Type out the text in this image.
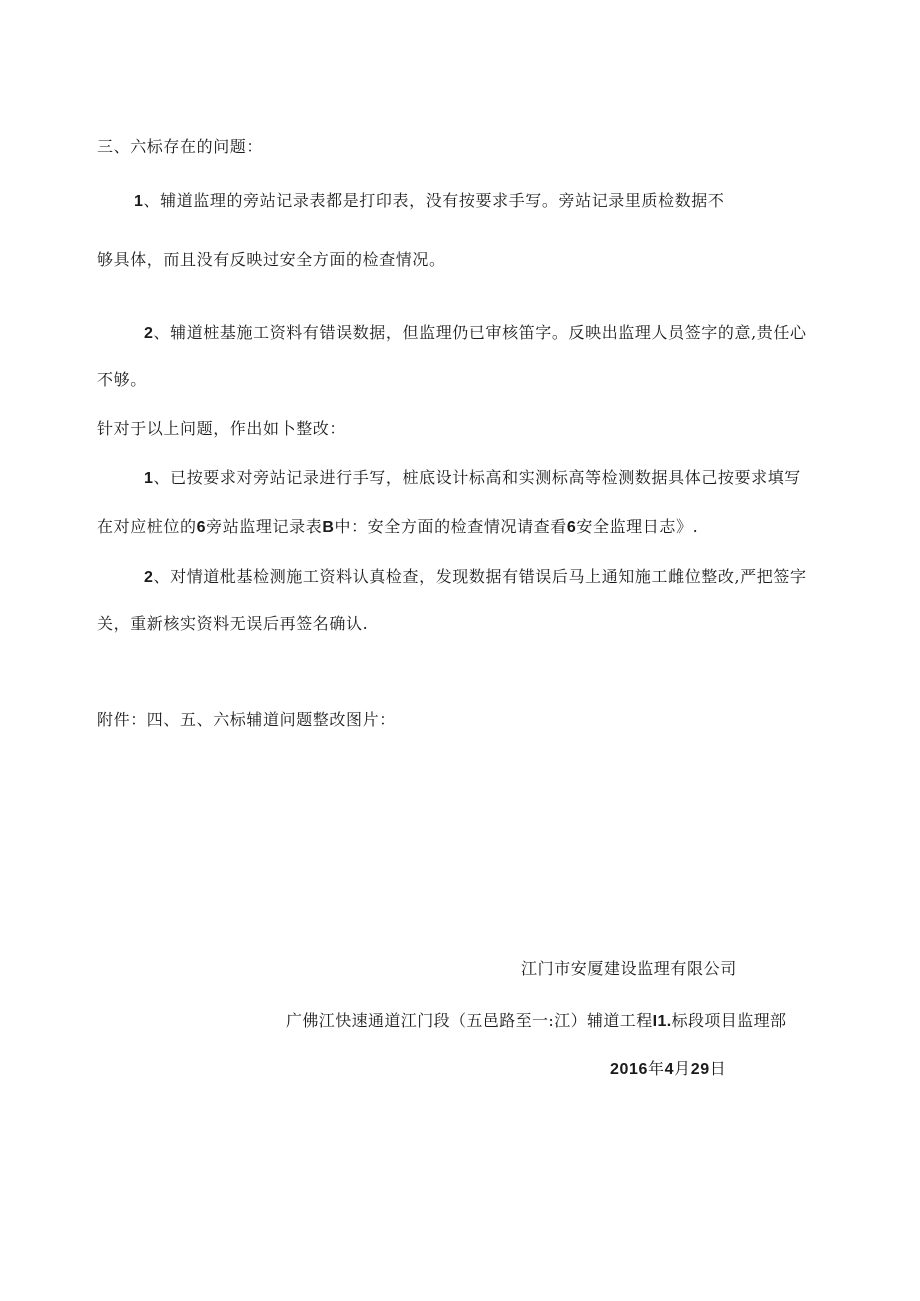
三、六标存在的问题：
1、辅道监理的旁站记录表都是打印表，没有按要求手写。旁站记录里质检数据不
够具体，而且没有反映过安全方面的检查情况。
2、辅道桩基施工资料有错误数据，但监理仍已审核笛字。反映出监理人员签字的意,贵任心
不够。
针对于以上问题，作出如卜整改：
1、已按要求对旁站记录进行手写，桩底设计标高和实测标高等检测数据具体己按要求填写
在对应桩位的6旁站监理记录表B中：安全方面的检查情况请查看6安全监理日志》.
2、对情道枇基检测施工资料认真检查，发现数据有错误后马上通知施工雌位整改,严把签字
关，重新核实资料无误后再签名确认.
附件：四、五、六标辅道问题整改图片：
江门市安厦建设监理有限公司
广佛江快速通道江门段（五邑路至一:江）辅道工程I1.标段项目监理部
2016年4月29日
